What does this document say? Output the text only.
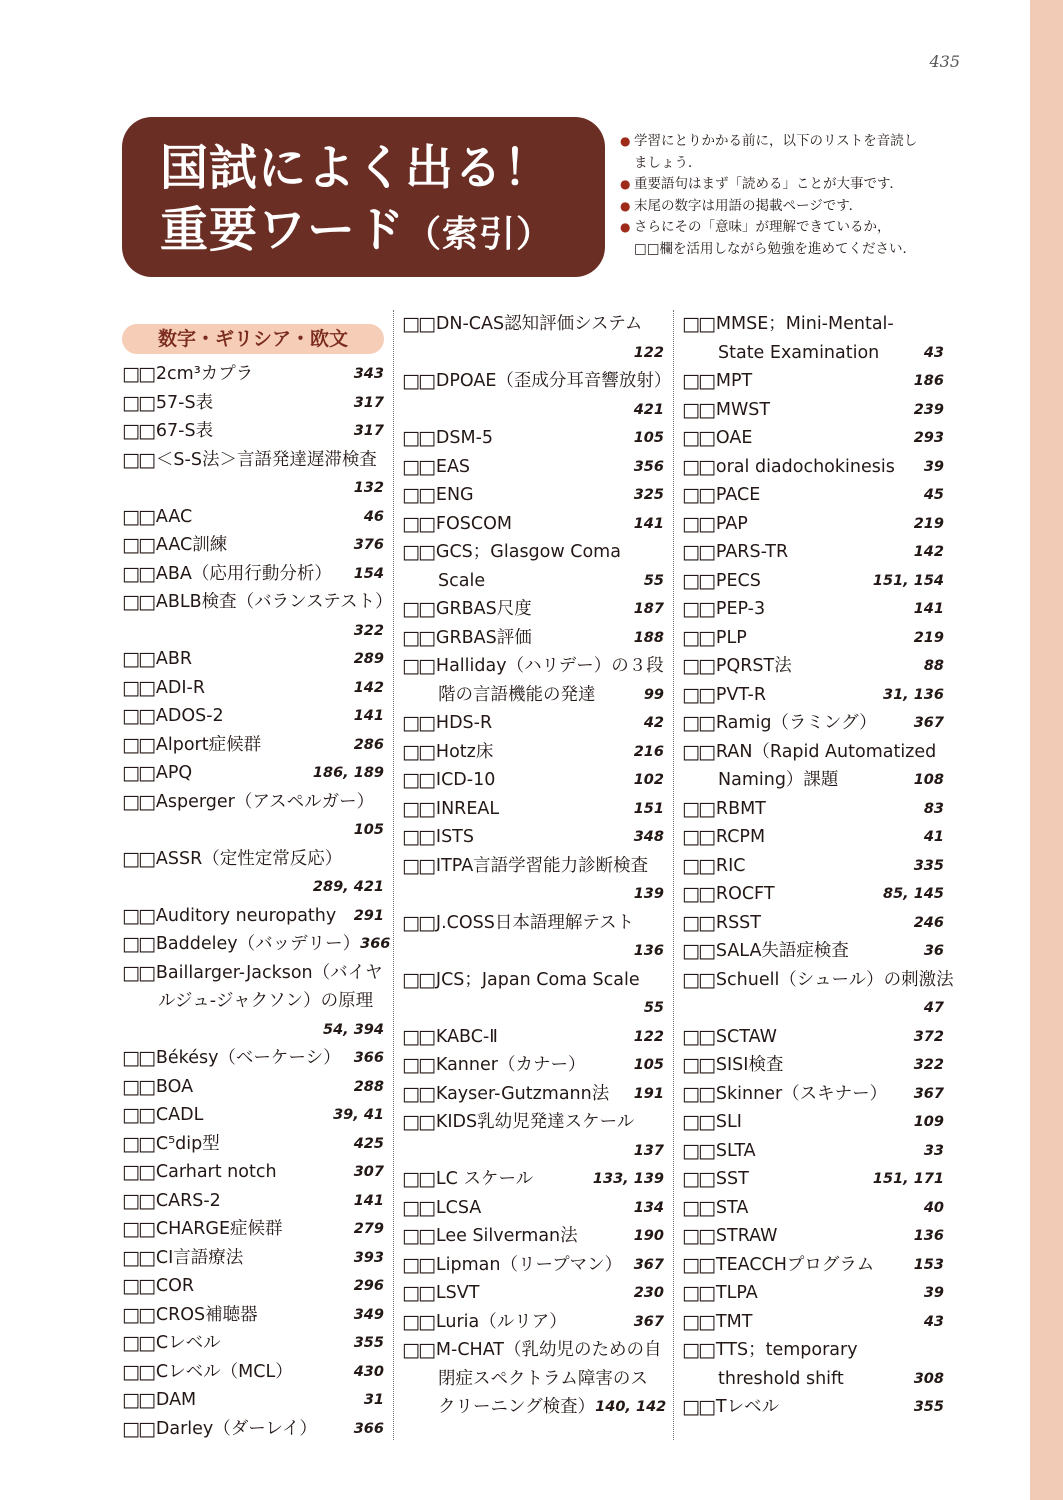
435
国試によく出る！
重要ワード（索引）
● 学習にとりかかる前に，以下のリストを音読し
ましょう．
● 重要語句はまず「読める」ことが大事です．
● 末尾の数字は用語の掲載ページです．
● さらにその「意味」が理解できているか，
□□欄を活用しながら勉強を進めてください．
数字・ギリシア・欧文
□□ 2cm³カプラ	343
□□ 57-S表	317
□□ 67-S表	317
□□ ＜S-S法＞言語発達遅滞検査
132
□□ AAC	46
□□ AAC訓練	376
□□ ABA（応用行動分析）	154
□□ ABLB検査（バランステスト）
322
□□ ABR	289
□□ ADI-R	142
□□ ADOS-2	141
□□ Alport症候群	286
□□ APQ	186, 189
□□ Asperger（アスペルガー）
105
□□ ASSR（定性定常反応）
289, 421
□□ Auditory neuropathy	291
□□ Baddeley（バッデリー） 366
□□ Baillarger-Jackson（バイヤ
ルジュ-ジャクソン）の原理
54, 394
□□ Békésy（ベーケーシ） 366
□□ BOA	288
□□ CADL	39, 41
□□ C⁵dip型	425
□□ Carhart notch	307
□□ CARS-2	141
□□ CHARGE症候群	279
□□ CI言語療法	393
□□ COR	296
□□ CROS補聴器	349
□□ Cレベル	355
□□ Cレベル（MCL）	430
□□ DAM	31
□□ Darley（ダーレイ）	366
□□ DN-CAS認知評価システム
122
□□ DPOAE（歪成分耳音響放射）
421
□□ DSM-5	105
□□ EAS	356
□□ ENG	325
□□ FOSCOM	141
□□ GCS；Glasgow Coma
Scale	55
□□ GRBAS尺度	187
□□ GRBAS評価	188
□□ Halliday（ハリデー）の３段
階の言語機能の発達	99
□□ HDS-R	42
□□ Hotz床	216
□□ ICD-10	102
□□ INREAL	151
□□ ISTS	348
□□ ITPA言語学習能力診断検査
139
□□ J.COSS日本語理解テスト
136
□□ JCS；Japan Coma Scale
55
□□ KABC-Ⅱ	122
□□ Kanner（カナー）	105
□□ Kayser-Gutzmann法	191
□□ KIDS乳幼児発達スケール
137
□□ LC スケール	133, 139
□□ LCSA	134
□□ Lee Silverman法	190
□□ Lipman（リープマン） 367
□□ LSVT	230
□□ Luria（ルリア）	367
□□ M-CHAT（乳幼児のための自
閉症スペクトラム障害のス
クリーニング検査） 140, 142
□□ MMSE；Mini-Mental-
State Examination	43
□□ MPT	186
□□ MWST	239
□□ OAE	293
□□ oral diadochokinesis	39
□□ PACE	45
□□ PAP	219
□□ PARS-TR	142
□□ PECS	151, 154
□□ PEP-3	141
□□ PLP	219
□□ PQRST法	88
□□ PVT-R	31, 136
□□ Ramig（ラミング）	367
□□ RAN（Rapid Automatized
Naming）課題	108
□□ RBMT	83
□□ RCPM	41
□□ RIC	335
□□ ROCFT	85, 145
□□ RSST	246
□□ SALA失語症検査	36
□□ Schuell（シュール）の刺激法
47
□□ SCTAW	372
□□ SISI検査	322
□□ Skinner（スキナー）	367
□□ SLI	109
□□ SLTA	33
□□ SST	151, 171
□□ STA	40
□□ STRAW	136
□□ TEACCHプログラム	153
□□ TLPA	39
□□ TMT	43
□□ TTS；temporary
threshold shift	308
□□ Tレベル	355
